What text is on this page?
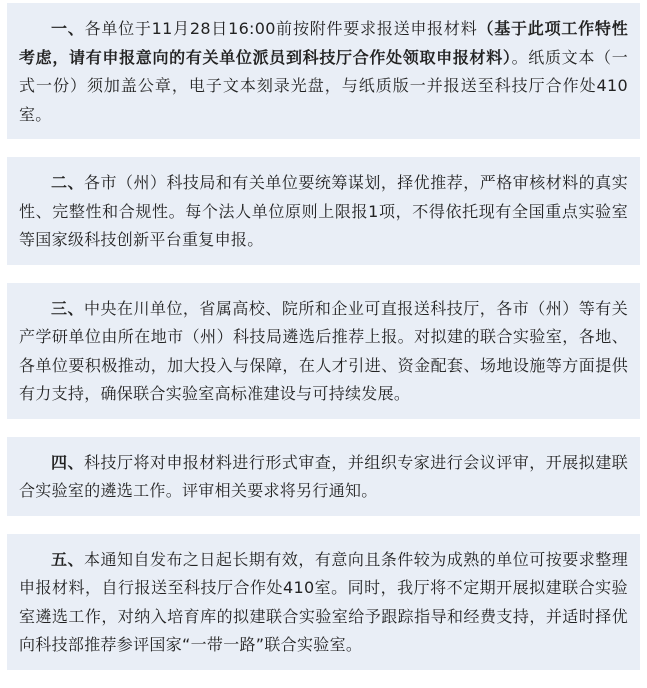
一、各单位于11月28日16:00前按附件要求报送申报材料（基于此项工作特性考虑，请有申报意向的有关单位派员到科技厅合作处领取申报材料）。纸质文本（一式一份）须加盖公章，电子文本刻录光盘，与纸质版一并报送至科技厅合作处410室。

二、各市（州）科技局和有关单位要统筹谋划，择优推荐，严格审核材料的真实性、完整性和合规性。每个法人单位原则上限报1项，不得依托现有全国重点实验室等国家级科技创新平台重复申报。

三、中央在川单位，省属高校、院所和企业可直报送科技厅，各市（州）等有关产学研单位由所在地市（州）科技局遴选后推荐上报。对拟建的联合实验室，各地、各单位要积极推动，加大投入与保障，在人才引进、资金配套、场地设施等方面提供有力支持，确保联合实验室高标准建设与可持续发展。

四、科技厅将对申报材料进行形式审查，并组织专家进行会议评审，开展拟建联合实验室的遴选工作。评审相关要求将另行通知。

五、本通知自发布之日起长期有效，有意向且条件较为成熟的单位可按要求整理申报材料，自行报送至科技厅合作处410室。同时，我厅将不定期开展拟建联合实验室遴选工作，对纳入培育库的拟建联合实验室给予跟踪指导和经费支持，并适时择优向科技部推荐参评国家“一带一路”联合实验室。
